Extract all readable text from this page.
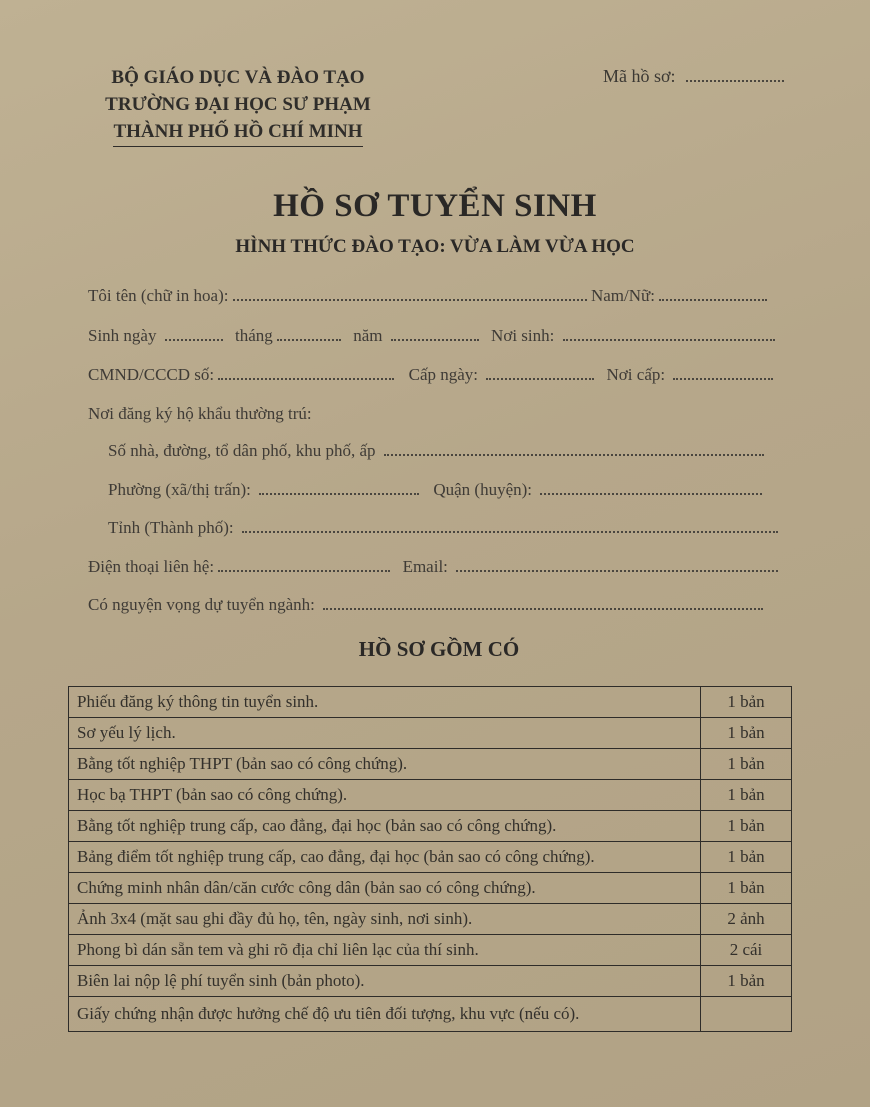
BỘ GIÁO DỤC VÀ ĐÀO TẠO
TRƯỜNG ĐẠI HỌC SƯ PHẠM
THÀNH PHỐ HỒ CHÍ MINH
Mã hồ sơ:
HỒ SƠ TUYỂN SINH
HÌNH THỨC ĐÀO TẠO: VỪA LÀM VỪA HỌC
Tôi tên (chữ in hoa):	Nam/Nữ:
Sinh ngày	tháng	năm	Nơi sinh:
CMND/CCCD số:	Cấp ngày:	Nơi cấp:
Nơi đăng ký hộ khẩu thường trú:
Số nhà, đường, tổ dân phố, khu phố, ấp
Phường (xã/thị trấn):	Quận (huyện):
Tỉnh (Thành phố):
Điện thoại liên hệ:	Email:
Có nguyện vọng dự tuyển ngành:
HỒ SƠ GỒM CÓ
Phiếu đăng ký thông tin tuyển sinh.	1 bản
Sơ yếu lý lịch.	1 bản
Bằng tốt nghiệp THPT (bản sao có công chứng).	1 bản
Học bạ THPT (bản sao có công chứng).	1 bản
Bằng tốt nghiệp trung cấp, cao đẳng, đại học (bản sao có công chứng).	1 bản
Bảng điểm tốt nghiệp trung cấp, cao đẳng, đại học (bản sao có công chứng).	1 bản
Chứng minh nhân dân/căn cước công dân (bản sao có công chứng).	1 bản
Ảnh 3x4 (mặt sau ghi đầy đủ họ, tên, ngày sinh, nơi sinh).	2 ảnh
Phong bì dán sẵn tem và ghi rõ địa chỉ liên lạc của thí sinh.	2 cái
Biên lai nộp lệ phí tuyển sinh (bản photo).	1 bản
Giấy chứng nhận được hưởng chế độ ưu tiên đối tượng, khu vực (nếu có).	
